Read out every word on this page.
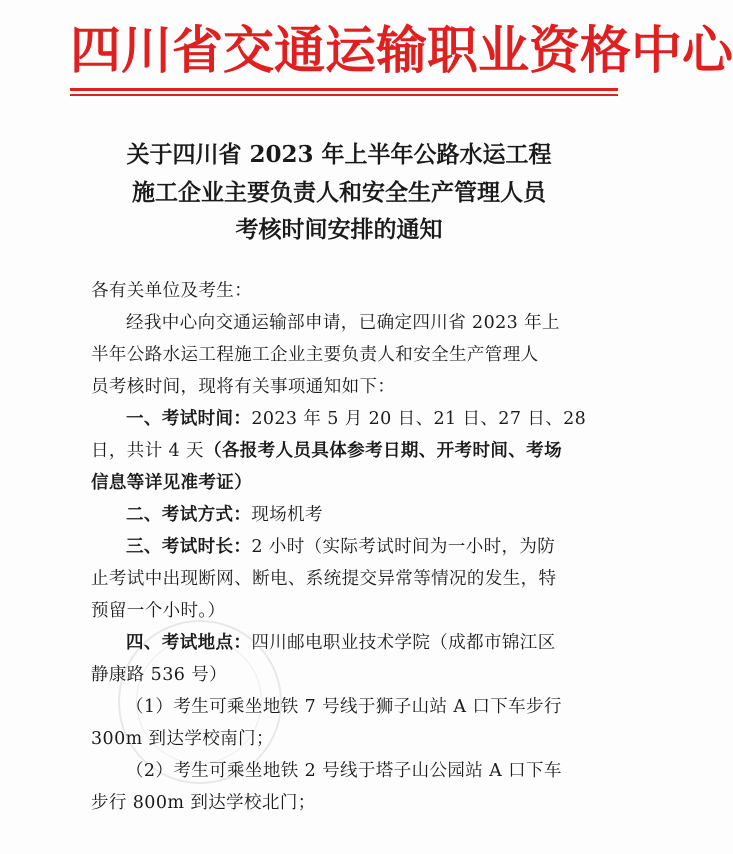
四川省交通运输职业资格中心
关于四川省 2023 年上半年公路水运工程
施工企业主要负责人和安全生产管理人员
考核时间安排的通知
各有关单位及考生：
经我中心向交通运输部申请，已确定四川省 2023 年上
半年公路水运工程施工企业主要负责人和安全生产管理人
员考核时间，现将有关事项通知如下：
一、考试时间：2023 年 5 月 20 日、21 日、27 日、28
日，共计 4 天（各报考人员具体参考日期、开考时间、考场
信息等详见准考证）
二、考试方式：现场机考
三、考试时长：2 小时（实际考试时间为一小时，为防
止考试中出现断网、断电、系统提交异常等情况的发生，特
预留一个小时。）
四、考试地点：四川邮电职业技术学院（成都市锦江区
静康路 536 号）
（1）考生可乘坐地铁 7 号线于狮子山站 A 口下车步行
300m 到达学校南门；
（2）考生可乘坐地铁 2 号线于塔子山公园站 A 口下车
步行 800m 到达学校北门；
